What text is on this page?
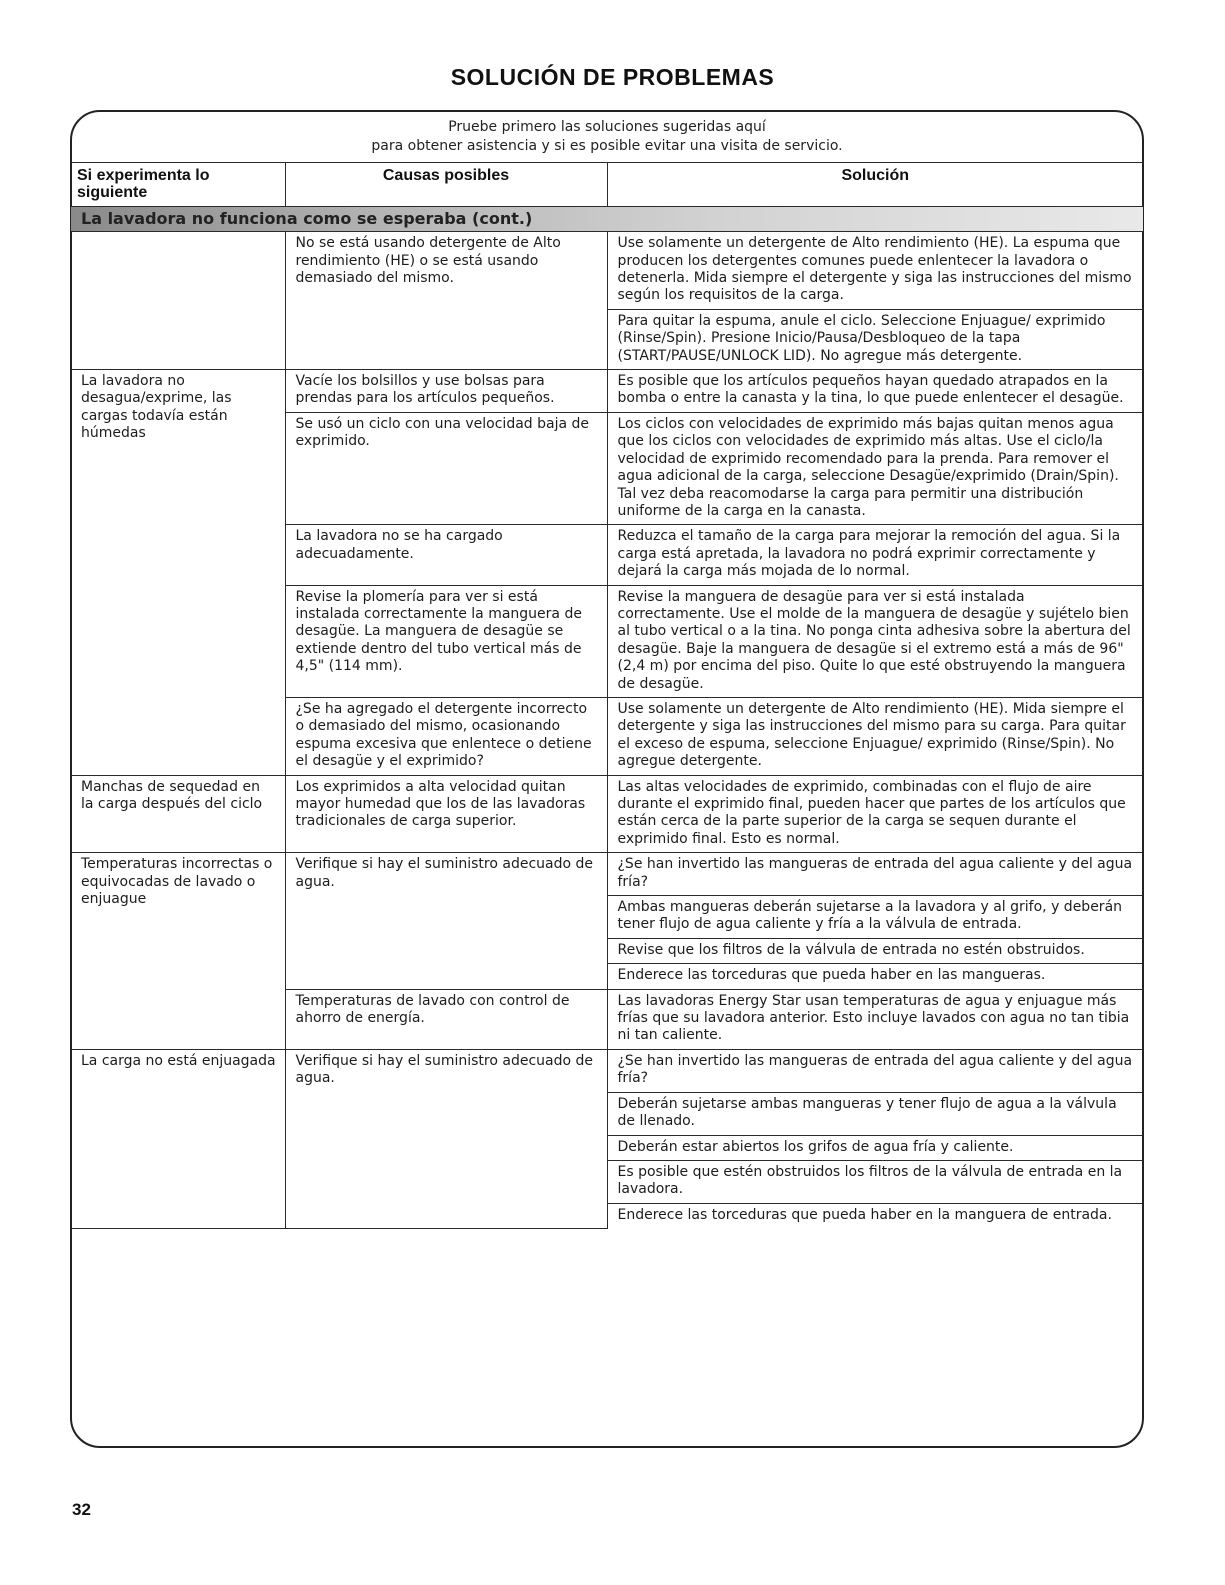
SOLUCIÓN DE PROBLEMAS
Pruebe primero las soluciones sugeridas aquí
para obtener asistencia y si es posible evitar una visita de servicio.
Si experimenta lo siguiente	Causas posibles	Solución
La lavadora no funciona como se esperaba (cont.)		
	No se está usando detergente de Alto rendimiento (HE) o se está usando demasiado del mismo.	Use solamente un detergente de Alto rendimiento (HE). La espuma que producen los detergentes comunes puede enlentecer la lavadora o detenerla. Mida siempre el detergente y siga las instrucciones del mismo según los requisitos de la carga.
		Para quitar la espuma, anule el ciclo. Seleccione Enjuague/ exprimido (Rinse/Spin). Presione Inicio/Pausa/Desbloqueo de la tapa (START/PAUSE/UNLOCK LID). No agregue más detergente.
La lavadora no desagua/exprime, las cargas todavía están húmedas	Vacíe los bolsillos y use bolsas para prendas para los artículos pequeños.	Es posible que los artículos pequeños hayan quedado atrapados en la bomba o entre la canasta y la tina, lo que puede enlentecer el desagüe.
	Se usó un ciclo con una velocidad baja de exprimido.	Los ciclos con velocidades de exprimido más bajas quitan menos agua que los ciclos con velocidades de exprimido más altas. Use el ciclo/la velocidad de exprimido recomendado para la prenda. Para remover el agua adicional de la carga, seleccione Desagüe/exprimido (Drain/Spin). Tal vez deba reacomodarse la carga para permitir una distribución uniforme de la carga en la canasta.
	La lavadora no se ha cargado adecuadamente.	Reduzca el tamaño de la carga para mejorar la remoción del agua. Si la carga está apretada, la lavadora no podrá exprimir correctamente y dejará la carga más mojada de lo normal.
	Revise la plomería para ver si está instalada correctamente la manguera de desagüe. La manguera de desagüe se extiende dentro del tubo vertical más de 4,5" (114 mm).	Revise la manguera de desagüe para ver si está instalada correctamente. Use el molde de la manguera de desagüe y sujételo bien al tubo vertical o a la tina. No ponga cinta adhesiva sobre la abertura del desagüe. Baje la manguera de desagüe si el extremo está a más de 96" (2,4 m) por encima del piso. Quite lo que esté obstruyendo la manguera de desagüe.
	¿Se ha agregado el detergente incorrecto o demasiado del mismo, ocasionando espuma excesiva que enlentece o detiene el desagüe y el exprimido?	Use solamente un detergente de Alto rendimiento (HE). Mida siempre el detergente y siga las instrucciones del mismo para su carga. Para quitar el exceso de espuma, seleccione Enjuague/ exprimido (Rinse/Spin). No agregue detergente.
Manchas de sequedad en la carga después del ciclo	Los exprimidos a alta velocidad quitan mayor humedad que los de las lavadoras tradicionales de carga superior.	Las altas velocidades de exprimido, combinadas con el flujo de aire durante el exprimido final, pueden hacer que partes de los artículos que están cerca de la parte superior de la carga se sequen durante el exprimido final. Esto es normal.
Temperaturas incorrectas o equivocadas de lavado o enjuague	Verifique si hay el suministro adecuado de agua.	¿Se han invertido las mangueras de entrada del agua caliente y del agua fría?
		Ambas mangueras deberán sujetarse a la lavadora y al grifo, y deberán tener flujo de agua caliente y fría a la válvula de entrada.
		Revise que los filtros de la válvula de entrada no estén obstruidos.
		Enderece las torceduras que pueda haber en las mangueras.
	Temperaturas de lavado con control de ahorro de energía.	Las lavadoras Energy Star usan temperaturas de agua y enjuague más frías que su lavadora anterior. Esto incluye lavados con agua no tan tibia ni tan caliente.
La carga no está enjuagada	Verifique si hay el suministro adecuado de agua.	¿Se han invertido las mangueras de entrada del agua caliente y del agua fría?
		Deberán sujetarse ambas mangueras y tener flujo de agua a la válvula de llenado.
		Deberán estar abiertos los grifos de agua fría y caliente.
		Es posible que estén obstruidos los filtros de la válvula de entrada en la lavadora.
		Enderece las torceduras que pueda haber en la manguera de entrada.
32
